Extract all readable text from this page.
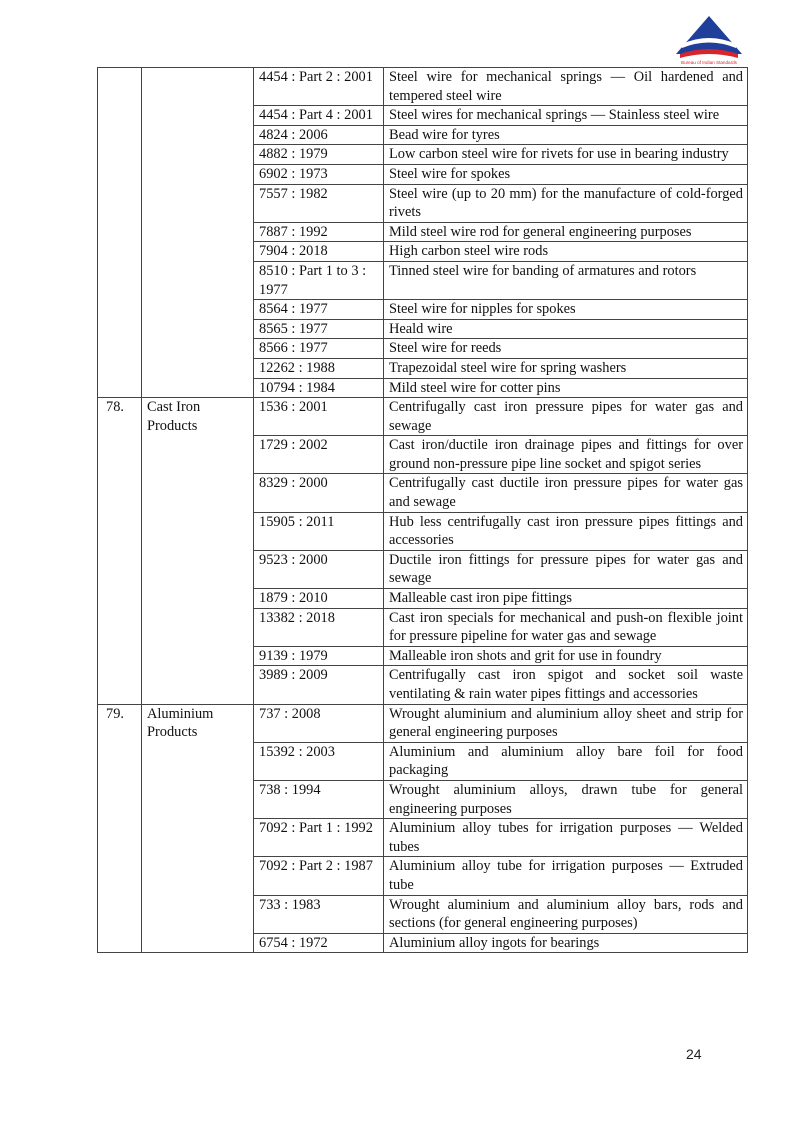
Bureau of Indian Standards
		4454 : Part 2 : 2001	Steel wire for mechanical springs — Oil hardened and tempered steel wire
		4454 : Part 4 : 2001	Steel wires for mechanical springs — Stainless steel wire
		4824 : 2006	Bead wire for tyres
		4882 : 1979	Low carbon steel wire for rivets for use in bearing industry
		6902 : 1973	Steel wire for spokes
		7557 : 1982	Steel wire (up to 20 mm) for the manufacture of cold-forged rivets
		7887 : 1992	Mild steel wire rod for general engineering purposes
		7904 : 2018	High carbon steel wire rods
		8510 : Part 1 to 3 : 1977	Tinned steel wire for banding of armatures and rotors
		8564 : 1977	Steel wire for nipples for spokes
		8565 : 1977	Heald wire
		8566 : 1977	Steel wire for reeds
		12262 : 1988	Trapezoidal steel wire for spring washers
		10794 : 1984	Mild steel wire for cotter pins
78.	Cast Iron Products	1536 : 2001	Centrifugally cast iron pressure pipes for water gas and sewage
		1729 : 2002	Cast iron/ductile iron drainage pipes and fittings for over ground non-pressure pipe line socket and spigot series
		8329 : 2000	Centrifugally cast ductile iron pressure pipes for water gas and sewage
		15905 : 2011	Hub less centrifugally cast iron pressure pipes fittings and accessories
		9523 : 2000	Ductile iron fittings for pressure pipes for water gas and sewage
		1879 : 2010	Malleable cast iron pipe fittings
		13382 : 2018	Cast iron specials for mechanical and push-on flexible joint for pressure pipeline for water gas and sewage
		9139 : 1979	Malleable iron shots and grit for use in foundry
		3989 : 2009	Centrifugally cast iron spigot and socket soil waste ventilating & rain water pipes fittings and accessories
79.	Aluminium Products	737 : 2008	Wrought aluminium and aluminium alloy sheet and strip for general engineering purposes
		15392 : 2003	Aluminium and aluminium alloy bare foil for food packaging
		738 : 1994	Wrought aluminium alloys, drawn tube for general engineering purposes
		7092 : Part 1 : 1992	Aluminium alloy tubes for irrigation purposes — Welded tubes
		7092 : Part 2 : 1987	Aluminium alloy tube for irrigation purposes — Extruded tube
		733 : 1983	Wrought aluminium and aluminium alloy bars, rods and sections (for general engineering purposes)
		6754 : 1972	Aluminium alloy ingots for bearings
24
